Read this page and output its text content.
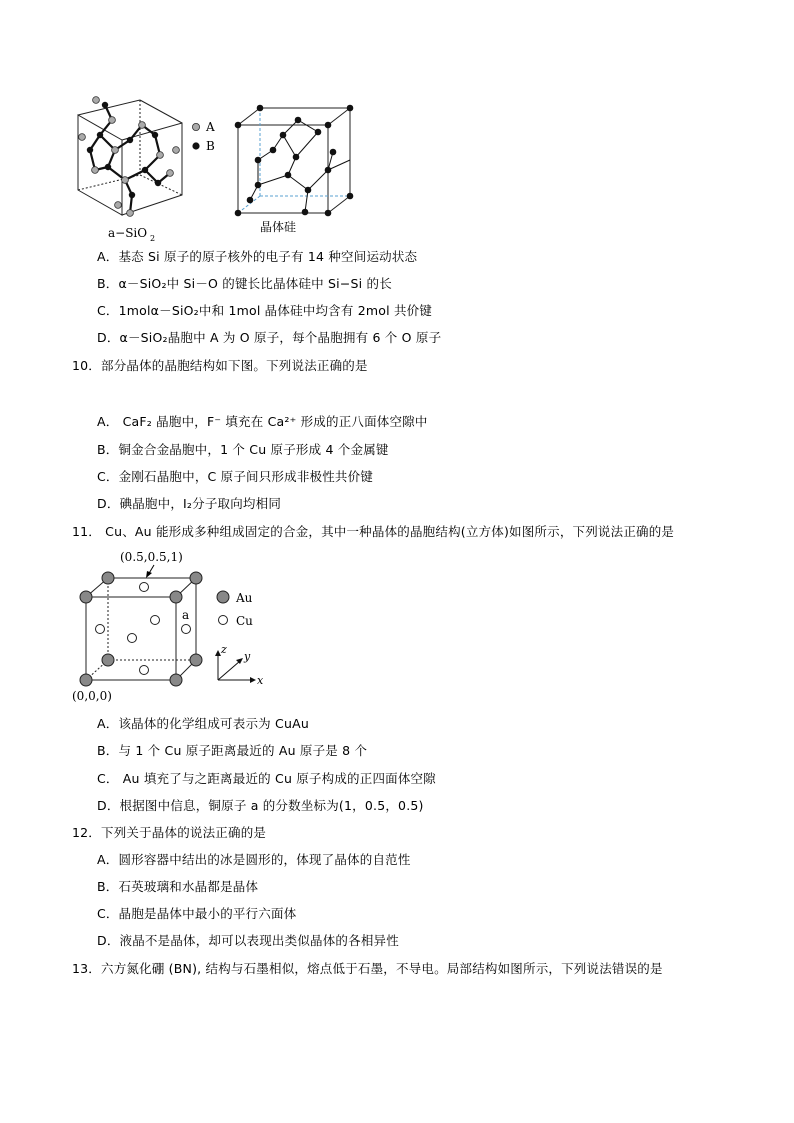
a−SiO 2
A
B
晶体硅
A．基态 Si 原子的原子核外的电子有 14 种空间运动状态
B．α－SiO₂中 Si－O 的键长比晶体硅中 Si−Si 的长
C．1molα－SiO₂中和 1mol 晶体硅中均含有 2mol 共价键
D．α－SiO₂晶胞中 A 为 O 原子，每个晶胞拥有 6 个 O 原子
10．部分晶体的晶胞结构如下图。下列说法正确的是
A． CaF₂ 晶胞中，F⁻ 填充在 Ca²⁺ 形成的正八面体空隙中
B．铜金合金晶胞中，1 个 Cu 原子形成 4 个金属键
C．金刚石晶胞中，C 原子间只形成非极性共价键
D．碘晶胞中，I₂分子取向均相同
11． Cu、Au 能形成多种组成固定的合金，其中一种晶体的晶胞结构(立方体)如图所示，下列说法正确的是
(0.5,0.5,1)
a
(0,0,0)
Au
Cu
z
y
x
A．该晶体的化学组成可表示为 CuAu
B．与 1 个 Cu 原子距离最近的 Au 原子是 8 个
C． Au 填充了与之距离最近的 Cu 原子构成的正四面体空隙
D．根据图中信息，铜原子 a 的分数坐标为(1，0.5，0.5)
12．下列关于晶体的说法正确的是
A．圆形容器中结出的冰是圆形的，体现了晶体的自范性
B．石英玻璃和水晶都是晶体
C．晶胞是晶体中最小的平行六面体
D．液晶不是晶体，却可以表现出类似晶体的各相异性
13．六方氮化硼 (BN), 结构与石墨相似，熔点低于石墨，不导电。局部结构如图所示，下列说法错误的是
